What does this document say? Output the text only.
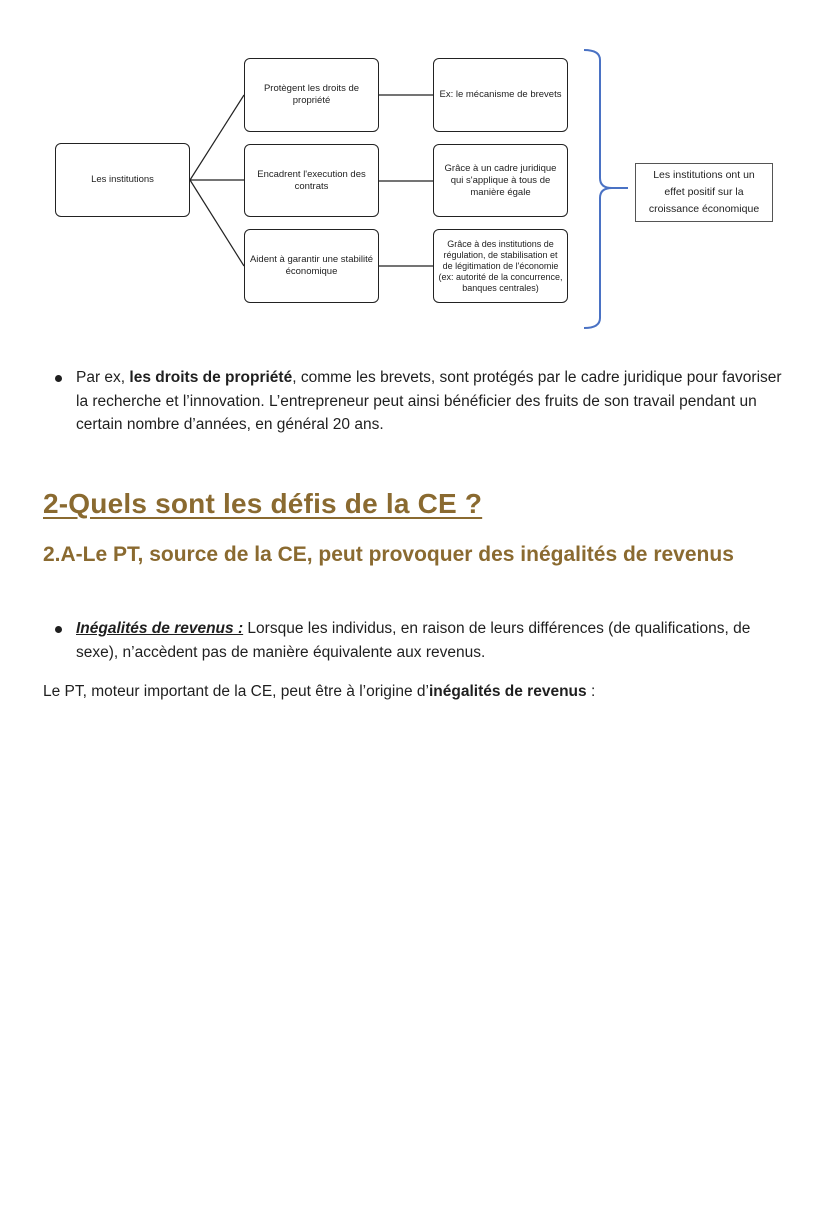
Les institutions
Protègent les droits de propriété
Encadrent l'execution des contrats
Aident à garantir une stabilité économique
Ex: le mécanisme de brevets
Grâce à un cadre juridique qui s'applique à tous de manière égale
Grâce à des institutions de régulation, de stabilisation et de légitimation de l'économie (ex: autorité de la concurrence, banques centrales)
Les institutions ont un effet positif sur la croissance économique
Par ex, les droits de propriété, comme les brevets, sont protégés par le cadre juridique pour favoriser la recherche et l’innovation. L’entrepreneur peut ainsi bénéficier des fruits de son travail pendant un certain nombre d’années, en général 20 ans.
2-Quels sont les défis de la CE ?
2.A-Le PT, source de la CE, peut provoquer des inégalités de revenus
Inégalités de revenus : Lorsque les individus, en raison de leurs différences (de qualifications, de sexe), n’accèdent pas de manière équivalente aux revenus.
Le PT, moteur important de la CE, peut être à l’origine d’inégalités de revenus :
